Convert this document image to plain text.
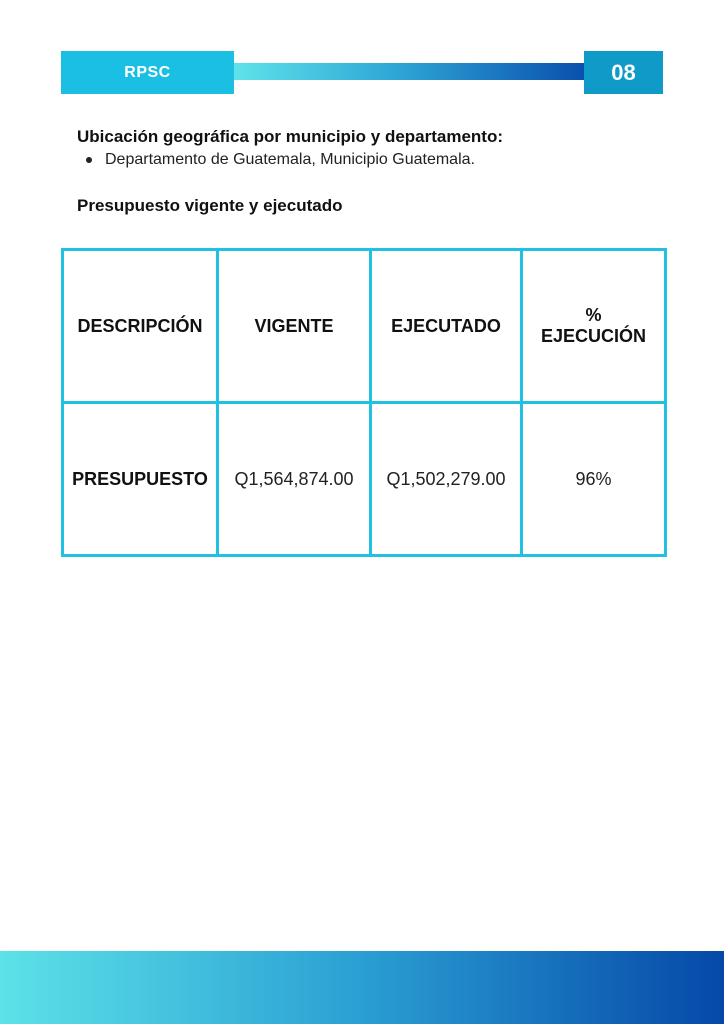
RPSC	08
Ubicación geográfica por municipio y departamento:
Departamento de Guatemala, Municipio Guatemala.
Presupuesto vigente y ejecutado
DESCRIPCIÓN	VIGENTE	EJECUTADO	% EJECUCIÓN
PRESUPUESTO	Q1,564,874.00	Q1,502,279.00	96%
